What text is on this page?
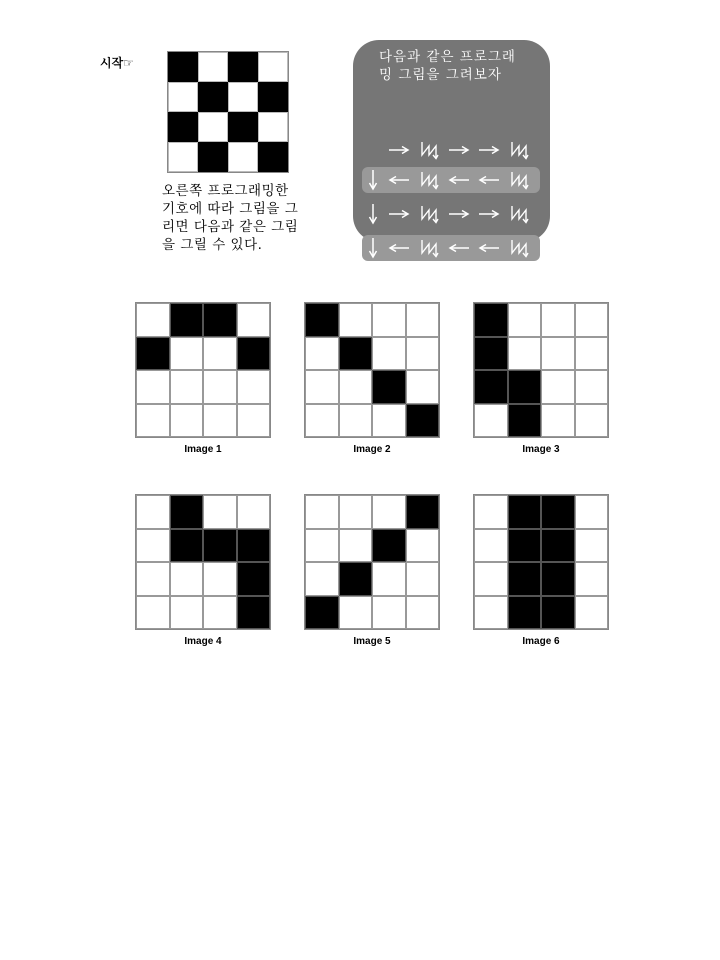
시작☞
오른쪽 프로그래밍한
기호에 따라 그림을 그
리면 다음과 같은 그림
을 그릴 수 있다.
다음과 같은 프로그래
밍 그림을 그려보자
Image 1	Image 2	Image 3
Image 4	Image 5	Image 6
